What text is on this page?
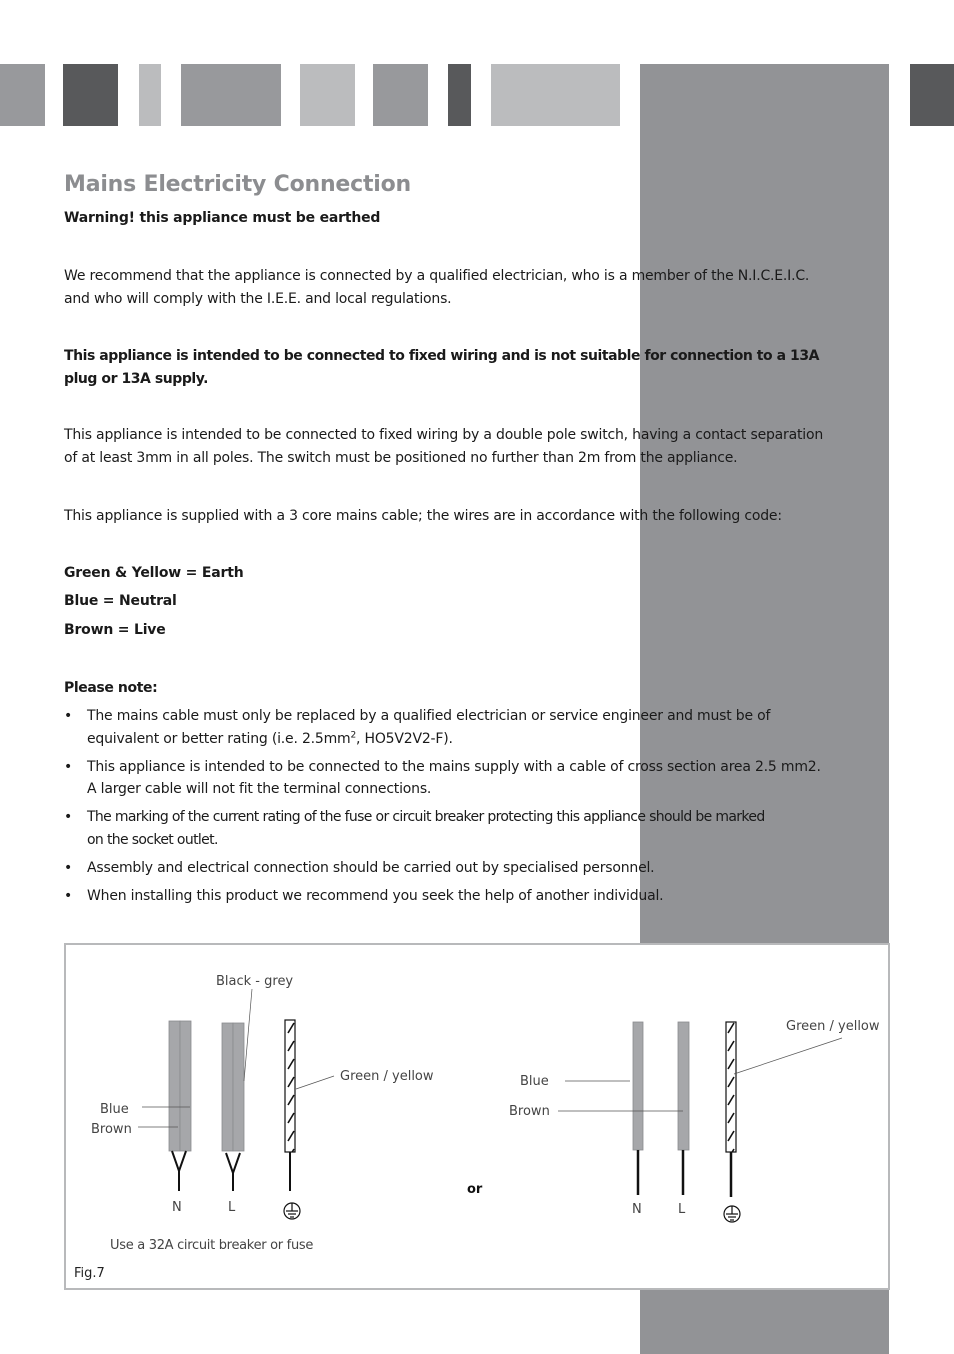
Mains Electricity Connection

Warning! this appliance must be earthed

We recommend that the appliance is connected by a qualified electrician, who is a member of the N.I.C.E.I.C. and who will comply with the I.E.E. and local regulations.

This appliance is intended to be connected to fixed wiring and is not suitable for connection to a 13A plug or 13A supply.

This appliance is intended to be connected to fixed wiring by a double pole switch, having a contact separation of at least 3mm in all poles. The switch must be positioned no further than 2m from the appliance.

This appliance is supplied with a 3 core mains cable; the wires are in accordance with the following code:

Green & Yellow = Earth

Blue = Neutral

Brown = Live

Please note:

• The mains cable must only be replaced by a qualified electrician or service engineer and must be of equivalent or better rating (i.e. $2.5mm^2$, HO5V2V2-F).
• This appliance is intended to be connected to the mains supply with a cable of cross section area 2.5 mm2. A larger cable will not fit the terminal connections.
• The marking of the current rating of the fuse or circuit breaker protecting this appliance should be marked on the socket outlet.
• Assembly and electrical connection should be carried out by specialised personnel.
• When installing this product we recommend you seek the help of another individual.
Black - grey
Green / yellow
Blue
Brown
N	L
Use a 32A circuit breaker or fuse
or
Green / yellow
Blue
Brown
N	L
Fig.7
